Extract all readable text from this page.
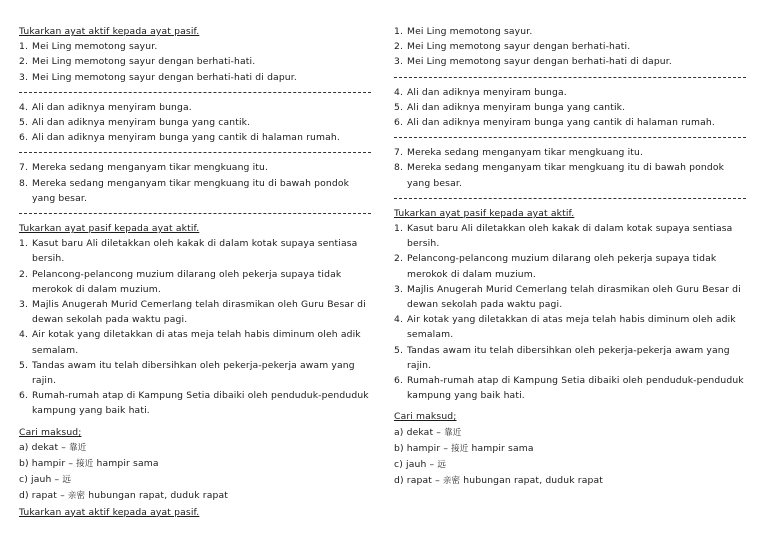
Tukarkan ayat aktif kepada ayat pasif.

1. Mei Ling memotong sayur.
2. Mei Ling memotong sayur dengan berhati-hati.
3. Mei Ling memotong sayur dengan berhati-hati di dapur.
4. Ali dan adiknya menyiram bunga.
5. Ali dan adiknya menyiram bunga yang cantik.
6. Ali dan adiknya menyiram bunga yang cantik di halaman rumah.
7. Mereka sedang menganyam tikar mengkuang itu.
8. Mereka sedang menganyam tikar mengkuang itu di bawah pondok yang besar.

Tukarkan ayat pasif kepada ayat aktif.

1. Kasut baru Ali diletakkan oleh kakak di dalam kotak supaya sentiasa bersih.
2. Pelancong-pelancong muzium dilarang oleh pekerja supaya tidak merokok di dalam muzium.
3. Majlis Anugerah Murid Cemerlang telah dirasmikan oleh Guru Besar di dewan sekolah pada waktu pagi.
4. Air kotak yang diletakkan di atas meja telah habis diminum oleh adik semalam.
5. Tandas awam itu telah dibersihkan oleh pekerja-pekerja awam yang rajin.
6. Rumah-rumah atap di Kampung Setia dibaiki oleh penduduk-penduduk kampung yang baik hati.

Cari maksud;

a) dekat – 靠近

b) hampir – 接近 hampir sama

c) jauh – 远

d) rapat – 亲密 hubungan rapat, duduk rapat

Tukarkan ayat aktif kepada ayat pasif.

1. Mei Ling memotong sayur.
2. Mei Ling memotong sayur dengan berhati-hati.
3. Mei Ling memotong sayur dengan berhati-hati di dapur.
4. Ali dan adiknya menyiram bunga.
5. Ali dan adiknya menyiram bunga yang cantik.
6. Ali dan adiknya menyiram bunga yang cantik di halaman rumah.
7. Mereka sedang menganyam tikar mengkuang itu.
8. Mereka sedang menganyam tikar mengkuang itu di bawah pondok yang besar.

Tukarkan ayat pasif kepada ayat aktif.

1. Kasut baru Ali diletakkan oleh kakak di dalam kotak supaya sentiasa bersih.
2. Pelancong-pelancong muzium dilarang oleh pekerja supaya tidak merokok di dalam muzium.
3. Majlis Anugerah Murid Cemerlang telah dirasmikan oleh Guru Besar di dewan sekolah pada waktu pagi.
4. Air kotak yang diletakkan di atas meja telah habis diminum oleh adik semalam.
5. Tandas awam itu telah dibersihkan oleh pekerja-pekerja awam yang rajin.
6. Rumah-rumah atap di Kampung Setia dibaiki oleh penduduk-penduduk kampung yang baik hati.

Cari maksud;

a) dekat – 靠近

b) hampir – 接近 hampir sama

c) jauh – 远

d) rapat – 亲密 hubungan rapat, duduk rapat
